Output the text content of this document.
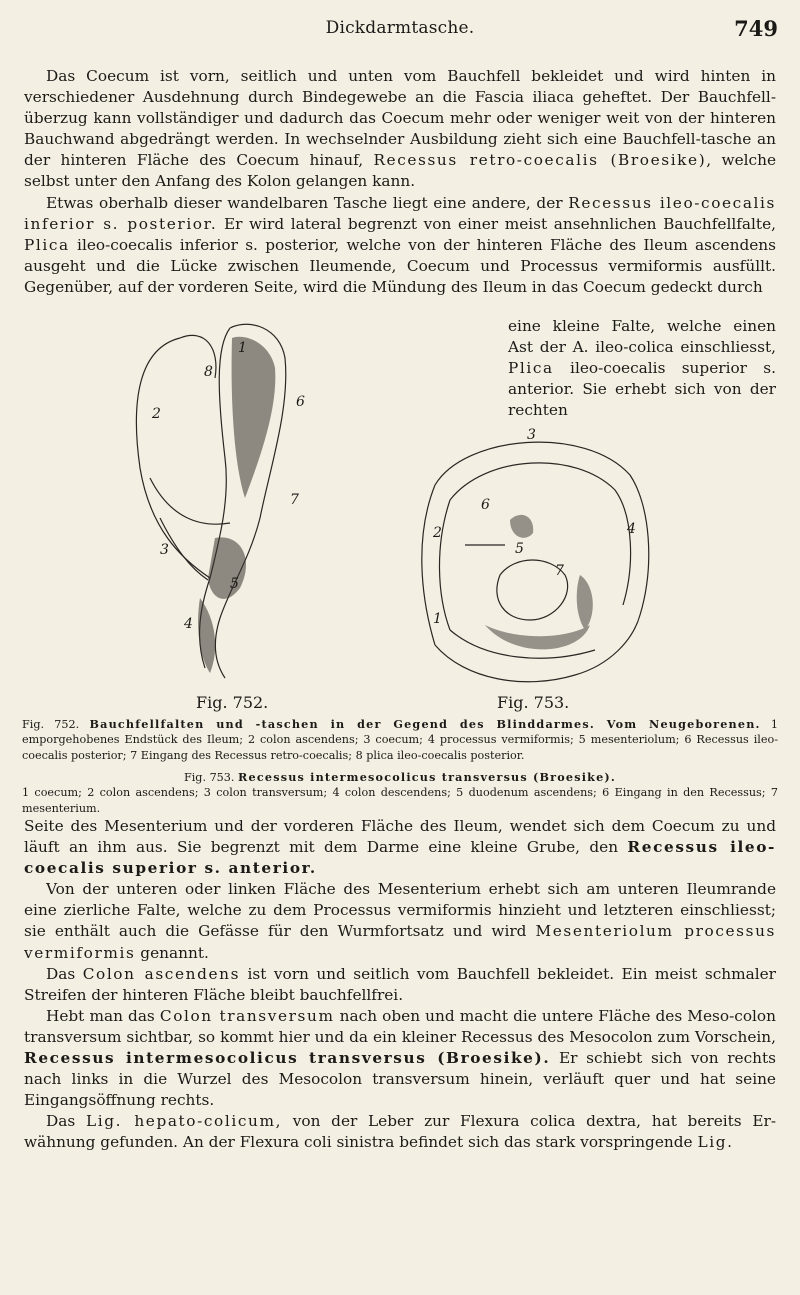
Dickdarmtasche.	749

Das Coecum ist vorn, seitlich und unten vom Bauchfell bekleidet und wird hinten in verschiedener Ausdehnung durch Bindegewebe an die Fascia iliaca geheftet. Der Bauchfell-überzug kann vollständiger und dadurch das Coecum mehr oder weniger weit von der hinteren Bauchwand abgedrängt werden. In wechselnder Ausbildung zieht sich eine Bauchfell-tasche an der hinteren Fläche des Coecum hinauf, Recessus retro-coecalis (Broesike), welche selbst unter den Anfang des Kolon gelangen kann.

Etwas oberhalb dieser wandelbaren Tasche liegt eine andere, der Recessus ileo-coecalis inferior s. posterior. Er wird lateral begrenzt von einer meist ansehnlichen Bauchfellfalte, Plica ileo-coecalis inferior s. posterior, welche von der hinteren Fläche des Ileum ascendens ausgeht und die Lücke zwischen Ileumende, Coecum und Processus vermiformis ausfüllt. Gegenüber, auf der vorderen Seite, wird die Mündung des Ileum in das Coecum gedeckt durch

eine kleine Falte, welche einen Ast der A. ileo-colica einschliesst, Plica ileo-coecalis superior s. anterior. Sie erhebt sich von der rechten

1
2
3
4
5
6
7
8
Fig. 752.
1
2
3
4
5
6
7
Fig. 753.
Fig. 752. Bauchfellfalten und -taschen in der Gegend des Blinddarmes. Vom Neugeborenen. 1 emporgehobenes Endstück des Ileum; 2 colon ascendens; 3 coecum; 4 processus vermiformis; 5 mesenteriolum; 6 Recessus ileo-coecalis posterior; 7 Eingang des Recessus retro-coecalis; 8 plica ileo-coecalis posterior.
Fig. 753. Recessus intermesocolicus transversus (Broesike).
1 coecum; 2 colon ascendens; 3 colon transversum; 4 colon descendens; 5 duodenum ascendens; 6 Eingang in den Recessus; 7 mesenterium.

Seite des Mesenterium und der vorderen Fläche des Ileum, wendet sich dem Coecum zu und läuft an ihm aus. Sie begrenzt mit dem Darme eine kleine Grube, den Recessus ileo-coecalis superior s. anterior.

Von der unteren oder linken Fläche des Mesenterium erhebt sich am unteren Ileumrande eine zierliche Falte, welche zu dem Processus vermiformis hinzieht und letzteren einschliesst; sie enthält auch die Gefässe für den Wurmfortsatz und wird Mesenteriolum processus vermiformis genannt.

Das Colon ascendens ist vorn und seitlich vom Bauchfell bekleidet. Ein meist schmaler Streifen der hinteren Fläche bleibt bauchfellfrei.

Hebt man das Colon transversum nach oben und macht die untere Fläche des Meso-colon transversum sichtbar, so kommt hier und da ein kleiner Recessus des Mesocolon zum Vorschein, Recessus intermesocolicus transversus (Broesike). Er schiebt sich von rechts nach links in die Wurzel des Mesocolon transversum hinein, verläuft quer und hat seine Eingangsöffnung rechts.

Das Lig. hepato-colicum, von der Leber zur Flexura colica dextra, hat bereits Er-wähnung gefunden. An der Flexura coli sinistra befindet sich das stark vorspringende Lig.
